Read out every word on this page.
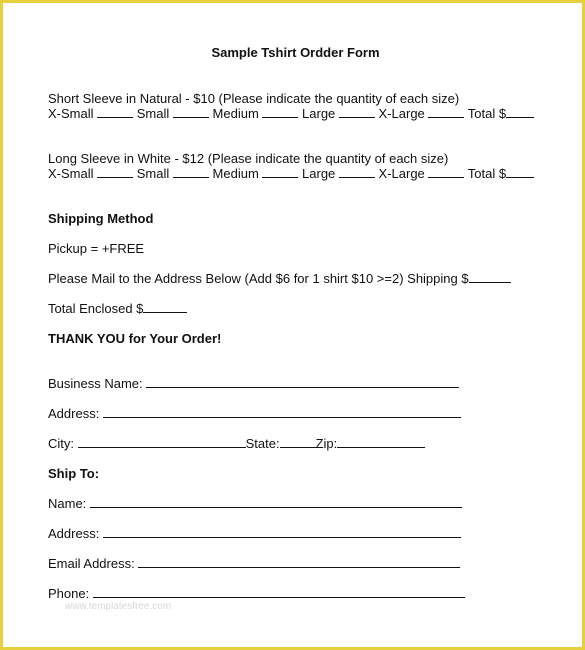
Sample Tshirt Ordder Form
Short Sleeve in Natural - $10 (Please indicate the quantity of each size)
X-Small	Small	Medium	Large	X-Large	Total $
Long Sleeve in White - $12 (Please indicate the quantity of each size)
X-Small	Small	Medium	Large	X-Large	Total $
Shipping Method
Pickup = +FREE
Please Mail to the Address Below (Add $6 for 1 shirt $10 >=2) Shipping $
Total Enclosed $
THANK YOU for Your Order!
Business Name:
Address:
City:	State:	Zip:
Ship To:
Name:
Address:
Email Address:
Phone:
www.templatesfree.com
